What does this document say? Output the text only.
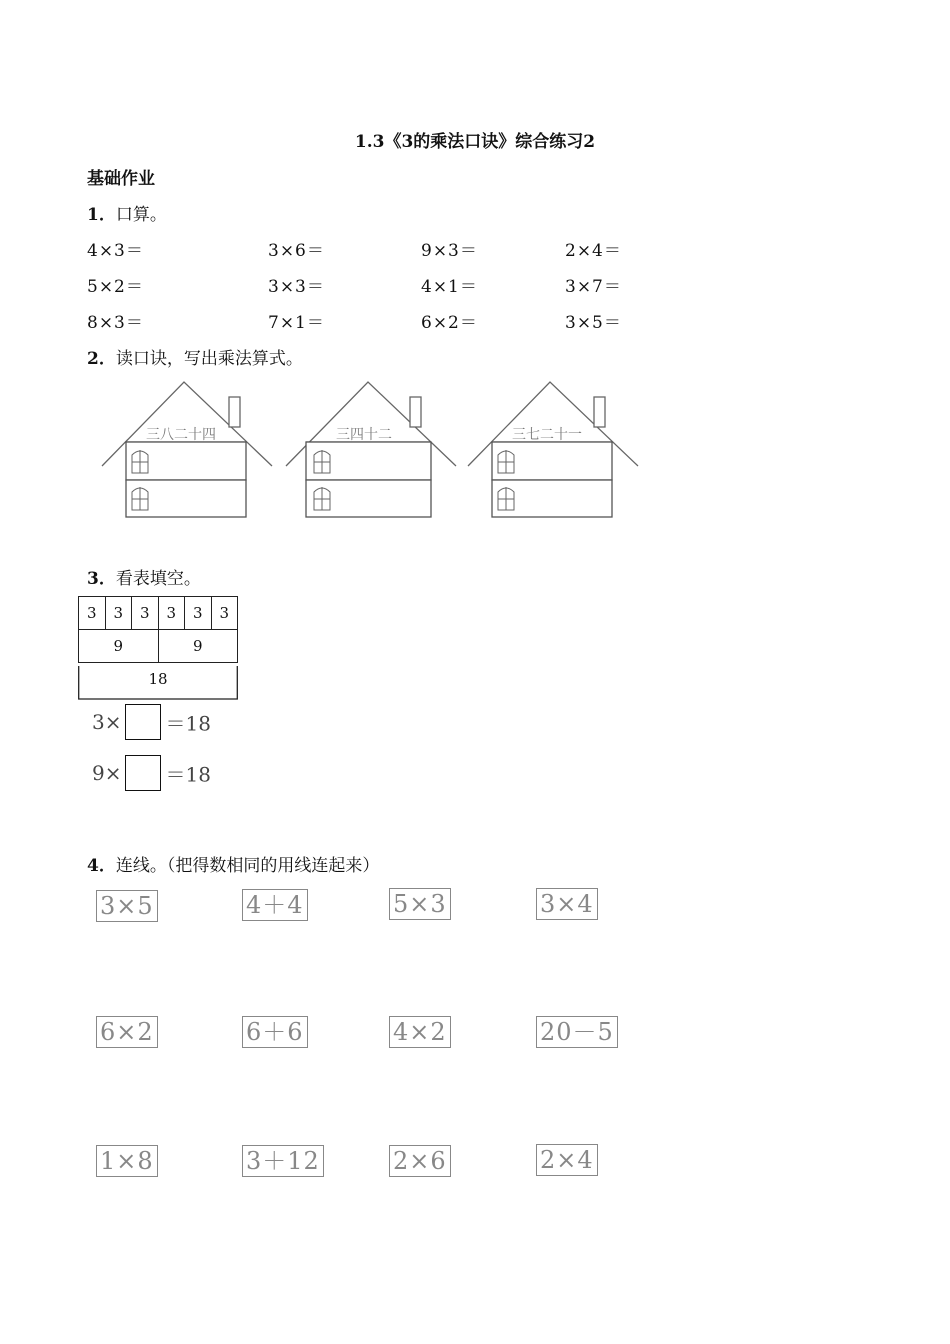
1.3《3的乘法口诀》综合练习2
基础作业
1．口算。
4×3＝	3×6＝	9×3＝	2×4＝
5×2＝	3×3＝	4×1＝	3×7＝
8×3＝	7×1＝	6×2＝	3×5＝
2．读口诀，写出乘法算式。
三八二十四	三四十二	三七二十一
3．看表填空。
3	3	3	3	3	3
9			9		
18
3× ＝18
9× ＝18
4．连线。（把得数相同的用线连起来）
3×5	4＋4	5×3	3×4
6×2	6＋6	4×2	20－5
1×8	3＋12	2×6	2×4
